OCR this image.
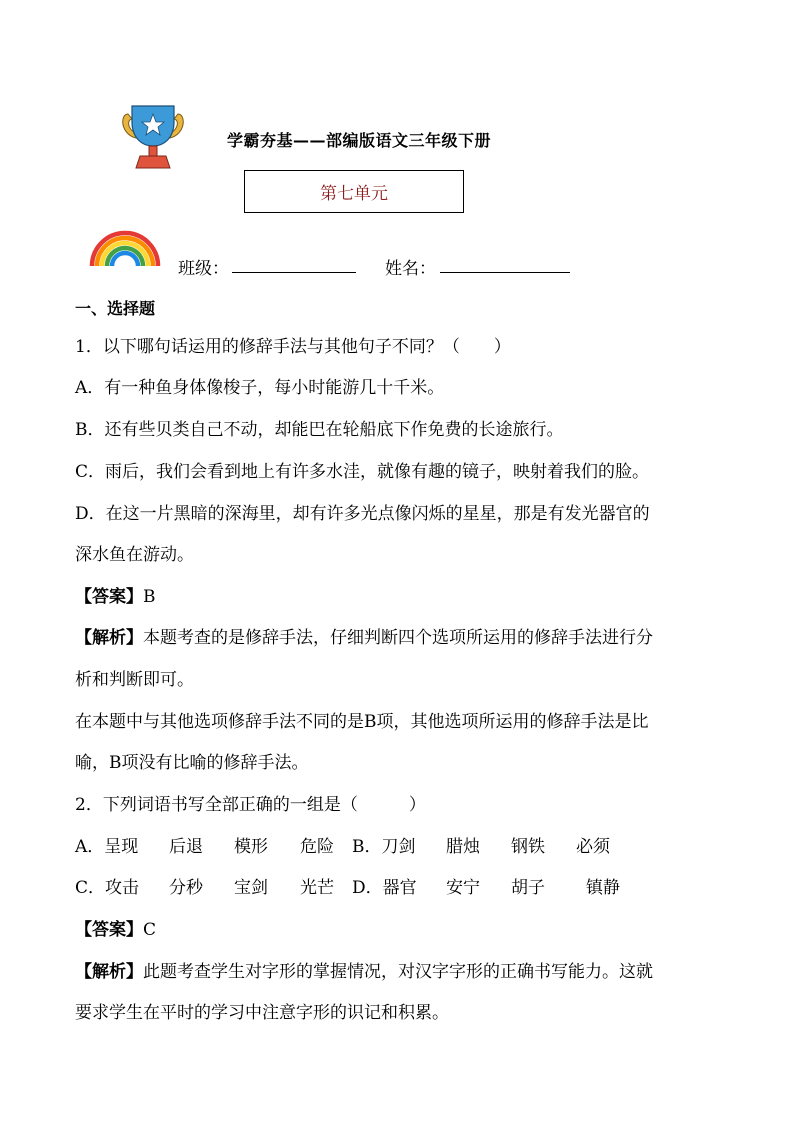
学霸夯基——部编版语文三年级下册
第七单元
班级：	姓名：
一、选择题
1．以下哪句话运用的修辞手法与其他句子不同？（　　）
A．有一种鱼身体像梭子，每小时能游几十千米。
B．还有些贝类自己不动，却能巴在轮船底下作免费的长途旅行。
C．雨后，我们会看到地上有许多水洼，就像有趣的镜子，映射着我们的脸。
D．在这一片黑暗的深海里，却有许多光点像闪烁的星星，那是有发光器官的
深水鱼在游动。
【答案】B
【解析】本题考查的是修辞手法，仔细判断四个选项所运用的修辞手法进行分
析和判断即可。
在本题中与其他选项修辞手法不同的是B项，其他选项所运用的修辞手法是比
喻，B项没有比喻的修辞手法。
2．下列词语书写全部正确的一组是（　　　）
A．呈现 后退 模形 危险 B．刀剑 腊烛 钢铁 必须
C．攻击 分秒 宝剑 光芒 D．器官 安宁 胡子 镇静
【答案】C
【解析】此题考查学生对字形的掌握情况，对汉字字形的正确书写能力。这就
要求学生在平时的学习中注意字形的识记和积累。
